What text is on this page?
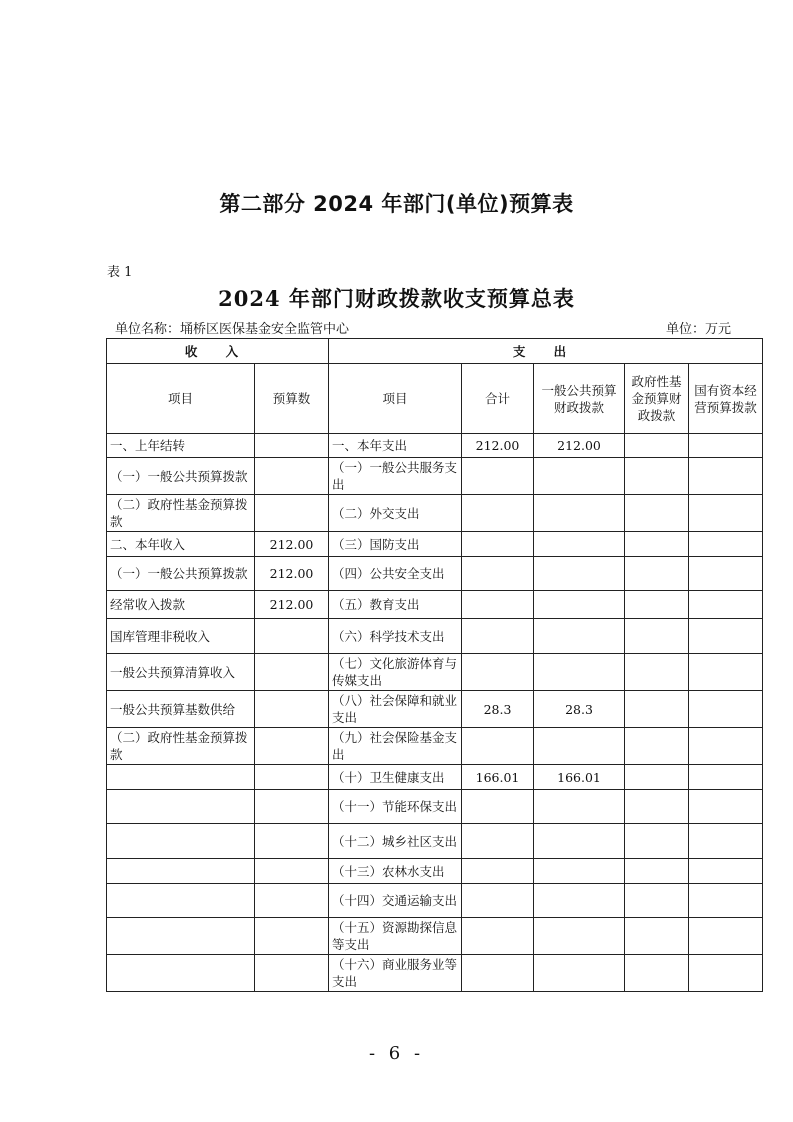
第二部分 2024 年部门(单位)预算表
表 1
2024 年部门财政拨款收支预算总表
单位名称：埇桥区医保基金安全监管中心	单位：万元
收 入		支 出				
项目	预算数	项目	合计	一般公共预算财政拨款	政府性基金预算财政拨款	国有资本经营预算拨款
一、上年结转		一、本年支出	212.00	212.00		
（一）一般公共预算拨款		（一）一般公共服务支出				
（二）政府性基金预算拨款		（二）外交支出				
二、本年收入	212.00	（三）国防支出				
（一）一般公共预算拨款	212.00	（四）公共安全支出				
经常收入拨款	212.00	（五）教育支出				
国库管理非税收入		（六）科学技术支出				
一般公共预算清算收入		（七）文化旅游体育与传媒支出				
一般公共预算基数供给		（八）社会保障和就业支出	28.3	28.3		
（二）政府性基金预算拨款		（九）社会保险基金支出				
		（十）卫生健康支出	166.01	166.01		
		（十一）节能环保支出				
		（十二）城乡社区支出				
		（十三）农林水支出				
		（十四）交通运输支出				
		（十五）资源勘探信息等支出				
		（十六）商业服务业等支出				
- 6 -
